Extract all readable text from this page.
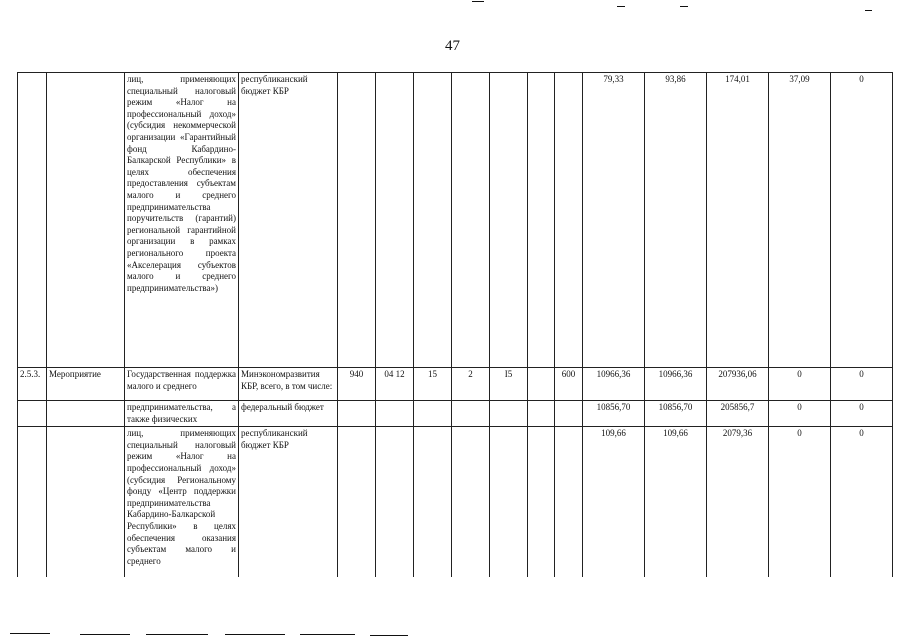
47

		лиц, применяющих специальный налоговый режим «Налог на профессиональный доход» (субсидия некоммерческой организации «Гарантийный фонд Кабардино-Балкарской Республики» в целях обеспечения предоставления субъектам малого и среднего предпринимательства поручительств (гарантий) региональной гарантийной организации в рамках регионального проекта «Акселерация субъектов малого и среднего предпринимательства»)	республиканский бюджет КБР								79,33	93,86	174,01	37,09	0

2.5.3.	Мероприятие	Государственная поддержка малого и среднего	Минэкономразвития КБР, всего, в том числе:	940	04 12	15	2	I5		600	10966,36	10966,36	207936,06	0	0

		предпринимательства, а также физических	федеральный бюджет								10856,70	10856,70	205856,7	0	0

		лиц, применяющих специальный налоговый режим «Налог на профессиональный доход» (субсидия Региональному фонду «Центр поддержки предпринимательства Кабардино-Балкарской Республики» в целях обеспечения оказания субъектам малого и среднего	республиканский бюджет КБР								109,66	109,66	2079,36	0	0
